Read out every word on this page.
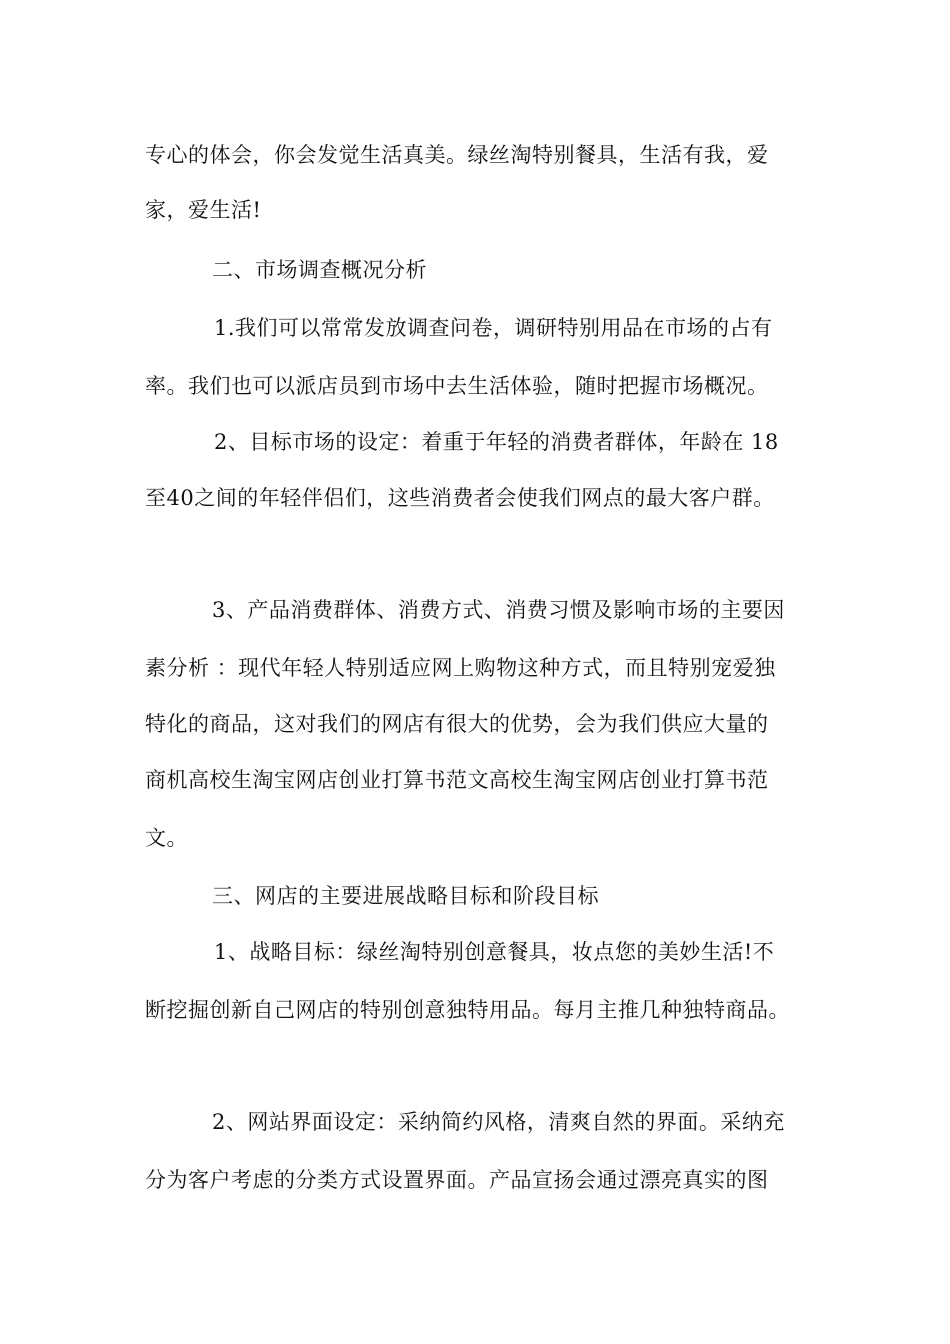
专心的体会，你会发觉生活真美。绿丝淘特别餐具，生活有我，爱
家，爱生活!
二、市场调查概况分析
1.我们可以常常发放调查问卷，调研特别用品在市场的占有
率。我们也可以派店员到市场中去生活体验，随时把握市场概况。
2、目标市场的设定：着重于年轻的消费者群体，年龄在 18
至40之间的年轻伴侣们，这些消费者会使我们网点的最大客户群。
3、产品消费群体、消费方式、消费习惯及影响市场的主要因
素分析 ：现代年轻人特别适应网上购物这种方式，而且特别宠爱独
特化的商品，这对我们的网店有很大的优势，会为我们供应大量的
商机高校生淘宝网店创业打算书范文高校生淘宝网店创业打算书范
文。
三、网店的主要进展战略目标和阶段目标
1、战略目标：绿丝淘特别创意餐具，妆点您的美妙生活!不
断挖掘创新自己网店的特别创意独特用品。每月主推几种独特商品。
2、网站界面设定：采纳简约风格，清爽自然的界面。采纳充
分为客户考虑的分类方式设置界面。产品宣扬会通过漂亮真实的图
